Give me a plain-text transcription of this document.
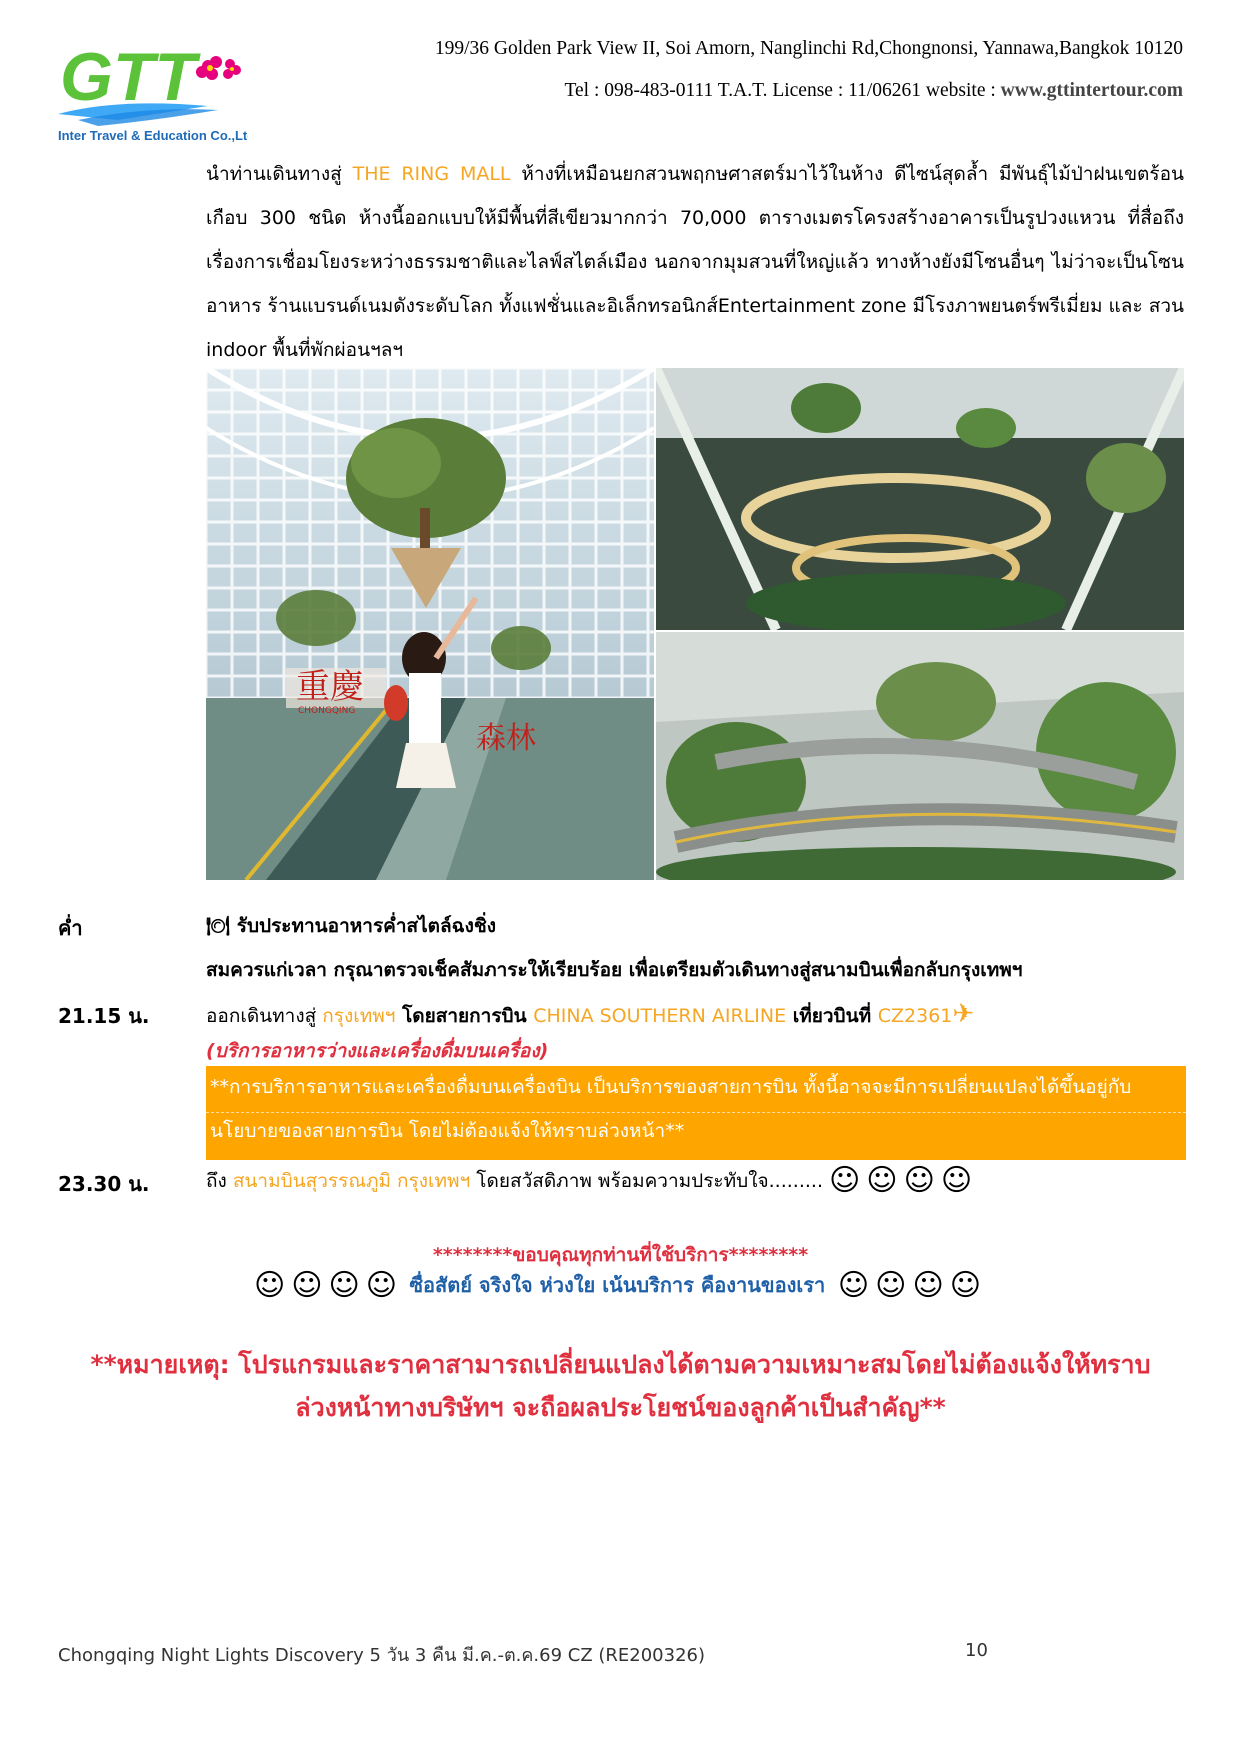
GTT
Inter Travel & Education Co.,Ltd.
199/36 Golden Park View II, Soi Amorn, Nanglinchi Rd,Chongnonsi, Yannawa,Bangkok 10120
Tel : 098-483-0111 T.A.T. License : 11/06261 website : www.gttintertour.com

นำท่านเดินทางสู่ THE RING MALL ห้างที่เหมือนยกสวนพฤกษศาสตร์มาไว้ในห้าง ดีไซน์สุดล้ำ มีพันธุ์ไม้ป่าฝนเขตร้อนเกือบ 300 ชนิด ห้างนี้ออกแบบให้มีพื้นที่สีเขียวมากกว่า 70,000 ตารางเมตรโครงสร้างอาคารเป็นรูปวงแหวน ที่สื่อถึงเรื่องการเชื่อมโยงระหว่างธรรมชาติและไลฟ์สไตล์เมือง นอกจากมุมสวนที่ใหญ่แล้ว ทางห้างยังมีโซนอื่นๆ ไม่ว่าจะเป็นโซนอาหาร ร้านแบรนด์เนมดังระดับโลก ทั้งแฟชั่นและอิเล็กทรอนิกส์Entertainment zone มีโรงภาพยนตร์พรีเมี่ยม และ สวน indoor พื้นที่พักผ่อนฯลฯ

重慶
CHONGQING
森林
ค่ำ	🍽 รับประทานอาหารค่ำสไตล์ฉงชิ่ง
สมควรแก่เวลา กรุณาตรวจเช็คสัมภาระให้เรียบร้อย เพื่อเตรียมตัวเดินทางสู่สนามบินเพื่อกลับกรุงเทพฯ
21.15 น.	ออกเดินทางสู่ กรุงเทพฯ โดยสายการบิน CHINA SOUTHERN AIRLINE เที่ยวบินที่ CZ2361✈
(บริการอาหารว่างและเครื่องดื่มบนเครื่อง)
**การบริการอาหารและเครื่องดื่มบนเครื่องบิน เป็นบริการของสายการบิน ทั้งนี้อาจจะมีการเปลี่ยนแปลงได้ขึ้นอยู่กับ
นโยบายของสายการบิน โดยไม่ต้องแจ้งให้ทราบล่วงหน้า**
23.30 น.	ถึง สนามบินสุวรรณภูมิ กรุงเทพฯ โดยสวัสดิภาพ พร้อมความประทับใจ......... ☺☺☺☺
********ขอบคุณทุกท่านที่ใช้บริการ********
☺☺☺☺ ซื่อสัตย์ จริงใจ ห่วงใย เน้นบริการ คืองานของเรา ☺☺☺☺
**หมายเหตุ: โปรแกรมและราคาสามารถเปลี่ยนแปลงได้ตามความเหมาะสมโดยไม่ต้องแจ้งให้ทราบ
ล่วงหน้าทางบริษัทฯ จะถือผลประโยชน์ของลูกค้าเป็นสำคัญ**
Chongqing Night Lights Discovery 5 วัน 3 คืน มี.ค.-ต.ค.69 CZ (RE200326)	10
